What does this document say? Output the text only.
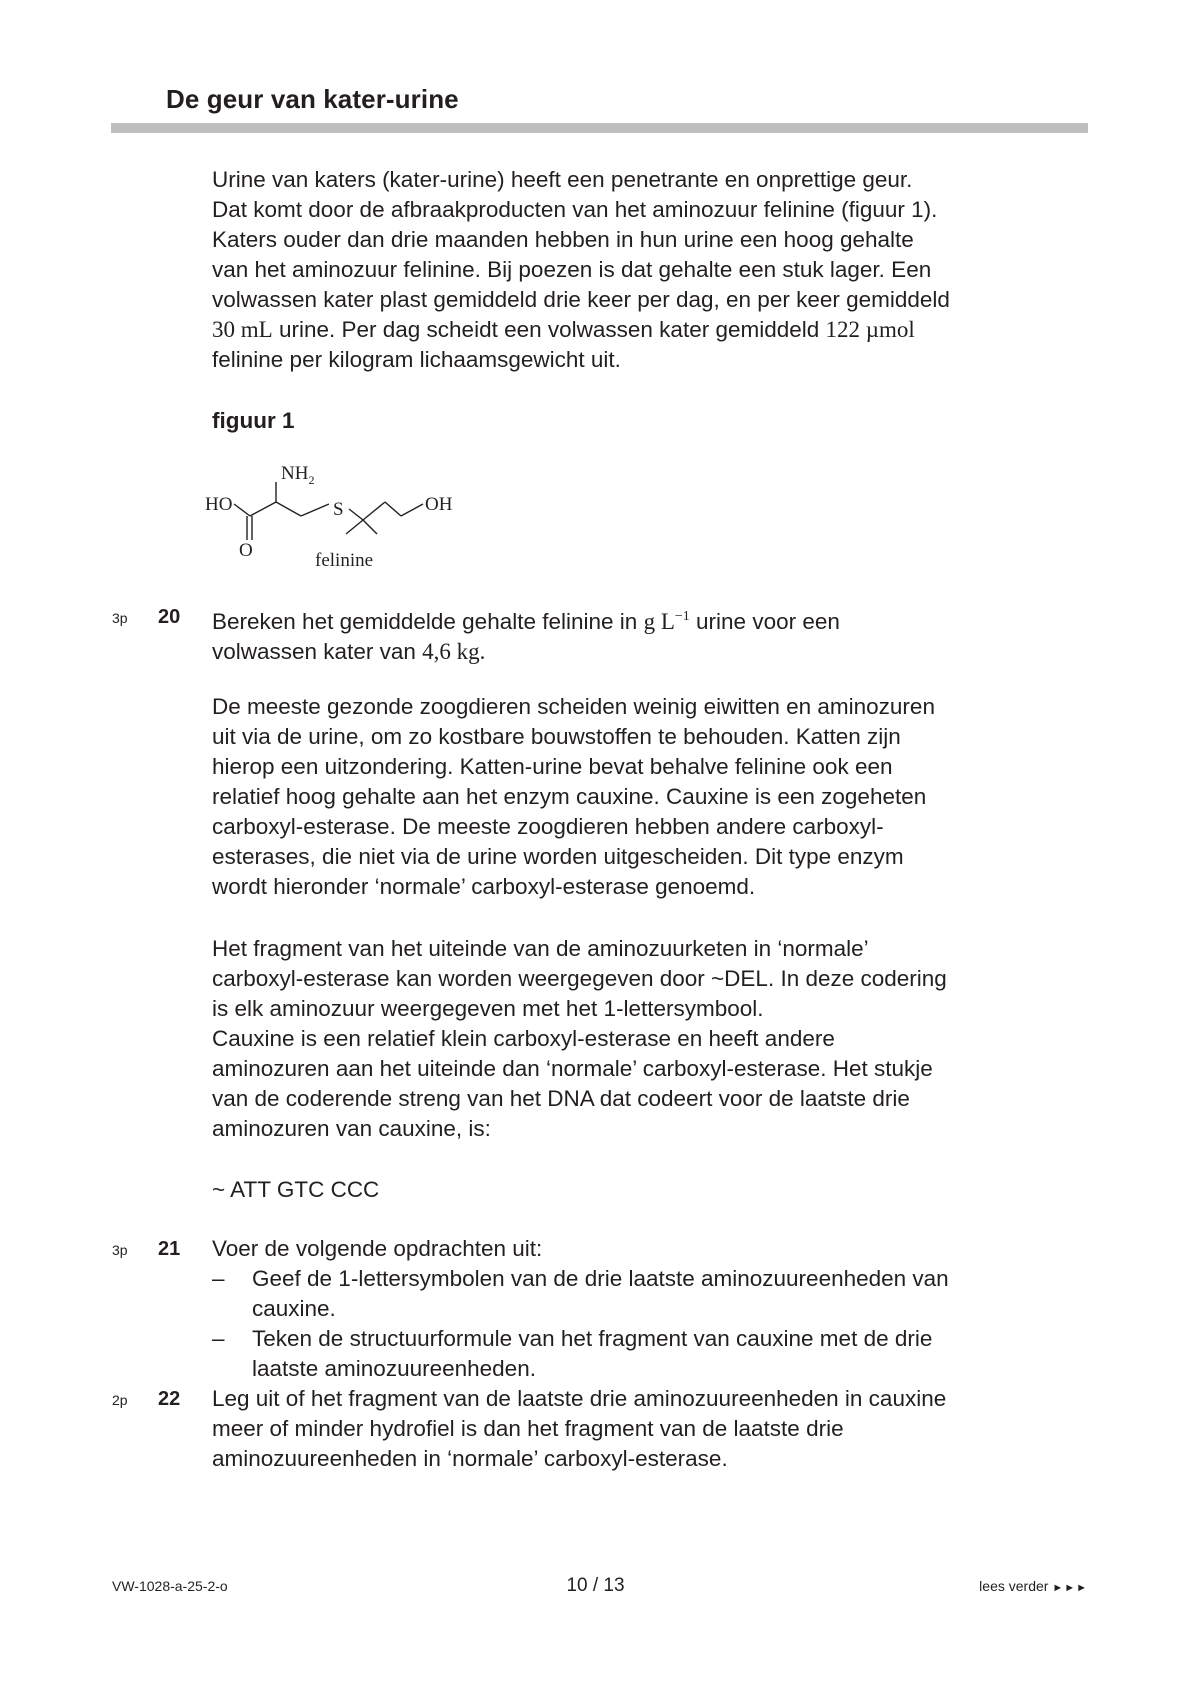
De geur van kater-urine

Urine van katers (kater-urine) heeft een penetrante en onprettige geur.

Dat komt door de afbraakproducten van het aminozuur felinine (figuur 1).

Katers ouder dan drie maanden hebben in hun urine een hoog gehalte

van het aminozuur felinine. Bij poezen is dat gehalte een stuk lager. Een

volwassen kater plast gemiddeld drie keer per dag, en per keer gemiddeld

30 mL urine. Per dag scheidt een volwassen kater gemiddeld 122 µmol

felinine per kilogram lichaamsgewicht uit.

figuur 1
HO
$NH_2$
O
S	OH
felinine
3p 20 Bereken het gemiddelde gehalte felinine in g $L^{-1}$ urine voor een

volwassen kater van 4,6 kg.

De meeste gezonde zoogdieren scheiden weinig eiwitten en aminozuren

uit via de urine, om zo kostbare bouwstoffen te behouden. Katten zijn

hierop een uitzondering. Katten-urine bevat behalve felinine ook een

relatief hoog gehalte aan het enzym cauxine. Cauxine is een zogeheten

carboxyl-esterase. De meeste zoogdieren hebben andere carboxyl-

esterases, die niet via de urine worden uitgescheiden. Dit type enzym

wordt hieronder ‘normale’ carboxyl-esterase genoemd.

Het fragment van het uiteinde van de aminozuurketen in ‘normale’

carboxyl-esterase kan worden weergegeven door ~DEL. In deze codering

is elk aminozuur weergegeven met het 1-lettersymbool.

Cauxine is een relatief klein carboxyl-esterase en heeft andere

aminozuren aan het uiteinde dan ‘normale’ carboxyl-esterase. Het stukje

van de coderende streng van het DNA dat codeert voor de laatste drie

aminozuren van cauxine, is:

~ ATT GTC CCC
3p 21 Voer de volgende opdrachten uit:

– Geef de 1-lettersymbolen van de drie laatste aminozuureenheden van

cauxine.

– Teken de structuurformule van het fragment van cauxine met de drie

laatste aminozuureenheden.

2p 22 Leg uit of het fragment van de laatste drie aminozuureenheden in cauxine

meer of minder hydrofiel is dan het fragment van de laatste drie

aminozuureenheden in ‘normale’ carboxyl-esterase.

VW-1028-a-25-2-o	10 / 13	lees verder ►►►
